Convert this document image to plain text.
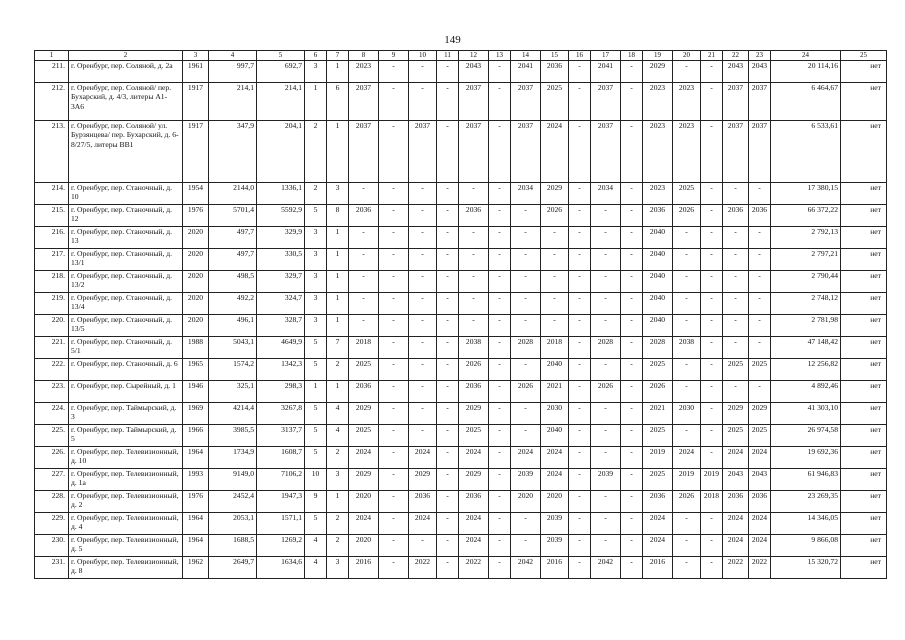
149
1	2	3	4	5	6	7	8	9	10	11	12	13	14	15	16	17	18	19	20	21	22	23	24	25
211.	г. Оренбург, пер. Соляной, д. 2а	1961	997,7	692,7	3	1	2023	-	-	-	2043	-	2041	2036	-	2041	-	2029	-	-	2043	2043	20 114,16	нет
212.	г. Оренбург, пер. Соляной/ пер. Бухарский, д. 4/3, литеры А1-3А6	1917	214,1	214,1	1	6	2037	-	-	-	2037	-	2037	2025	-	2037	-	2023	2023	-	2037	2037	6 464,67	нет
213.	г. Оренбург, пер. Соляной/ ул. Бурзянцева/ пер. Бухарский, д. 6-8/27/5, литеры ВВ1	1917	347,9	204,1	2	1	2037	-	2037	-	2037	-	2037	2024	-	2037	-	2023	2023	-	2037	2037	6 533,61	нет
214.	г. Оренбург, пер. Станочный, д. 10	1954	2144,0	1336,1	2	3	-	-	-	-	-	-	2034	2029	-	2034	-	2023	2025	-	-	-	17 380,15	нет
215.	г. Оренбург, пер. Станочный, д. 12	1976	5701,4	5592,9	5	8	2036	-	-	-	2036	-	-	2026	-	-	-	2036	2026	-	2036	2036	66 372,22	нет
216.	г. Оренбург, пер. Станочный, д. 13	2020	497,7	329,9	3	1	-	-	-	-	-	-	-	-	-	-	-	2040	-	-	-	-	2 792,13	нет
217.	г. Оренбург, пер. Станочный, д. 13/1	2020	497,7	330,5	3	1	-	-	-	-	-	-	-	-	-	-	-	2040	-	-	-	-	2 797,21	нет
218.	г. Оренбург, пер. Станочный, д. 13/2	2020	498,5	329,7	3	1	-	-	-	-	-	-	-	-	-	-	-	2040	-	-	-	-	2 790,44	нет
219.	г. Оренбург, пер. Станочный, д. 13/4	2020	492,2	324,7	3	1	-	-	-	-	-	-	-	-	-	-	-	2040	-	-	-	-	2 748,12	нет
220.	г. Оренбург, пер. Станочный, д. 13/5	2020	496,1	328,7	3	1	-	-	-	-	-	-	-	-	-	-	-	2040	-	-	-	-	2 781,98	нет
221.	г. Оренбург, пер. Станочный, д. 5/1	1988	5043,1	4649,9	5	7	2018	-	-	-	2038	-	2028	2018	-	2028	-	2028	2038	-	-	-	47 148,42	нет
222.	г. Оренбург, пер. Станочный, д. 6	1965	1574,2	1342,3	5	2	2025	-	-	-	2026	-	-	2040	-	-	-	2025	-	-	2025	2025	12 256,82	нет
223.	г. Оренбург, пер. Сырейный, д. 1	1946	325,1	298,3	1	1	2036	-	-	-	2036	-	2026	2021	-	2026	-	2026	-	-	-	-	4 892,46	нет
224.	г. Оренбург, пер. Таймырский, д. 3	1969	4214,4	3267,8	5	4	2029	-	-	-	2029	-	-	2030	-	-	-	2021	2030	-	2029	2029	41 303,10	нет
225.	г. Оренбург, пер. Таймырский, д. 5	1966	3985,5	3137,7	5	4	2025	-	-	-	2025	-	-	2040	-	-	-	2025	-	-	2025	2025	26 974,58	нет
226.	г. Оренбург, пер. Телевизионный, д. 10	1964	1734,9	1608,7	5	2	2024	-	2024	-	2024	-	2024	2024	-	-	-	2019	2024	-	2024	2024	19 692,36	нет
227.	г. Оренбург, пер. Телевизионный, д. 1а	1993	9149,0	7106,2	10	3	2029	-	2029	-	2029	-	2039	2024	-	2039	-	2025	2019	2019	2043	2043	61 946,83	нет
228.	г. Оренбург, пер. Телевизионный, д. 2	1976	2452,4	1947,3	9	1	2020	-	2036	-	2036	-	2020	2020	-	-	-	2036	2026	2018	2036	2036	23 269,35	нет
229.	г. Оренбург, пер. Телевизионный, д. 4	1964	2053,1	1571,1	5	2	2024	-	2024	-	2024	-	-	2039	-	-	-	2024	-	-	2024	2024	14 346,05	нет
230.	г. Оренбург, пер. Телевизионный, д. 5	1964	1688,5	1269,2	4	2	2020	-	-	-	2024	-	-	2039	-	-	-	2024	-	-	2024	2024	9 866,08	нет
231.	г. Оренбург, пер. Телевизионный, д. 8	1962	2649,7	1634,6	4	3	2016	-	2022	-	2022	-	2042	2016	-	2042	-	2016	-	-	2022	2022	15 320,72	нет
